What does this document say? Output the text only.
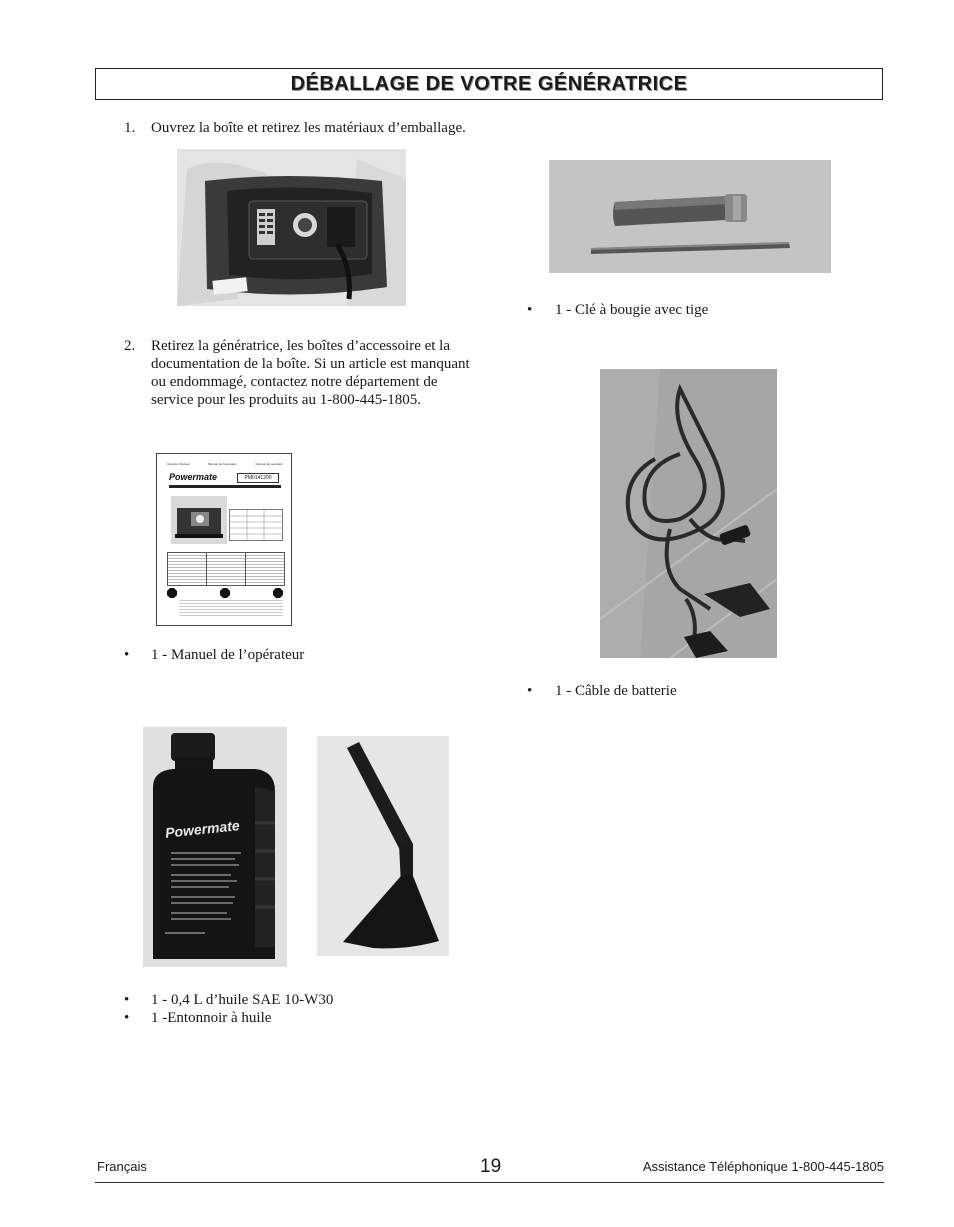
DÉBALLAGE DE VOTRE GÉNÉRATRICE
1. Ouvrez la boîte et retirez les matériaux d’emballage.
2. Retirez la génératrice, les boîtes d’accessoire et la
documentation de la boîte. Si un article est manquant
ou endommagé, contactez notre département de
service pour les produits au 1-800-445-1805.
Operator Manual	Manual de l'opérateur	Manual del operador
Powermate	PM0141200
• 1 - Manuel de l’opérateur
Powermate
• 1 - 0,4 L d’huile SAE 10-W30
• 1 -Entonnoir à huile
• 1 - Clé à bougie avec tige
• 1 - Câble de batterie
Français	19	Assistance Téléphonique 1-800-445-1805
